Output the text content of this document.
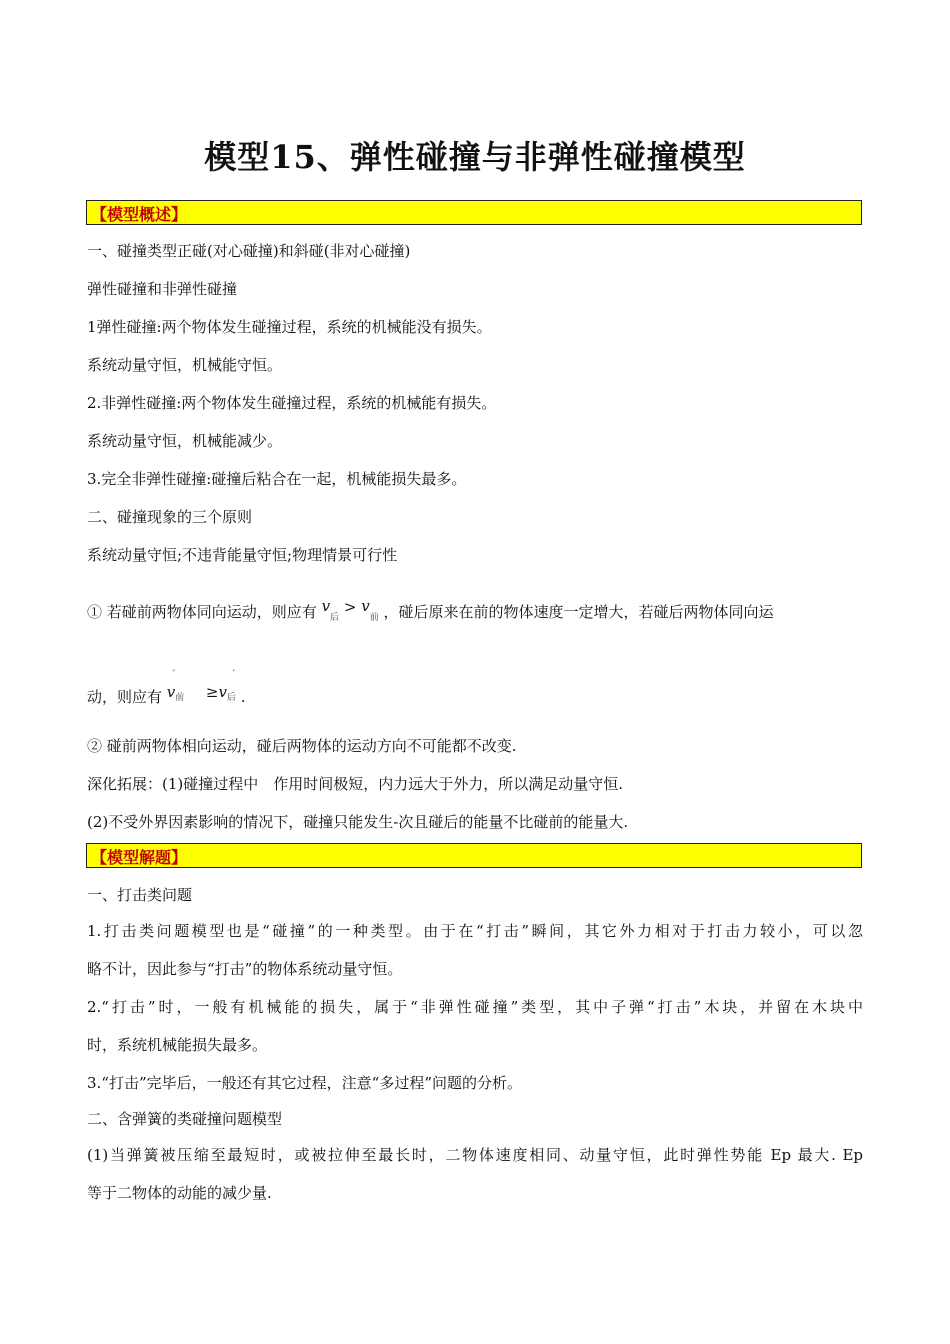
模型15、弹性碰撞与非弹性碰撞模型
【模型概述】
一、碰撞类型正碰(对心碰撞)和斜碰(非对心碰撞)
弹性碰撞和非弹性碰撞
1弹性碰撞:两个物体发生碰撞过程，系统的机械能没有损失。
系统动量守恒，机械能守恒。
2.非弹性碰撞:两个物体发生碰撞过程，系统的机械能有损失。
系统动量守恒，机械能减少。
3.完全非弹性碰撞:碰撞后粘合在一起，机械能损失最多。
二、碰撞现象的三个原则
系统动量守恒;不违背能量守恒;物理情景可行性
① 若碰前两物体同向运动，则应有 $v_后 > v_前$ ，碰后原来在前的物体速度一定增大，若碰后两物体同向运
动，则应有 $v_前$
′
$\ge v_后$
′
.
② 碰前两物体相向运动，碰后两物体的运动方向不可能都不改变.
深化拓展：(1)碰撞过程中　作用时间极短，内力远大于外力，所以满足动量守恒.
(2)不受外界因素影响的情况下，碰撞只能发生-次且碰后的能量不比碰前的能量大.
【模型解题】
一、打击类问题
1.打击类问题模型也是“碰撞”的一种类型。由于在“打击”瞬间，其它外力相对于打击力较小，可以忽
略不计，因此参与“打击”的物体系统动量守恒。
2.“打击”时，一般有机械能的损失，属于“非弹性碰撞”类型，其中子弹“打击”木块，并留在木块中
时，系统机械能损失最多。
3.“打击”完毕后，一般还有其它过程，注意“多过程”问题的分析。
二、含弹簧的类碰撞问题模型
(1)当弹簧被压缩至最短时，或被拉伸至最长时，二物体速度相同、动量守恒，此时弹性势能 Ep 最大. Ep
等于二物体的动能的减少量.
